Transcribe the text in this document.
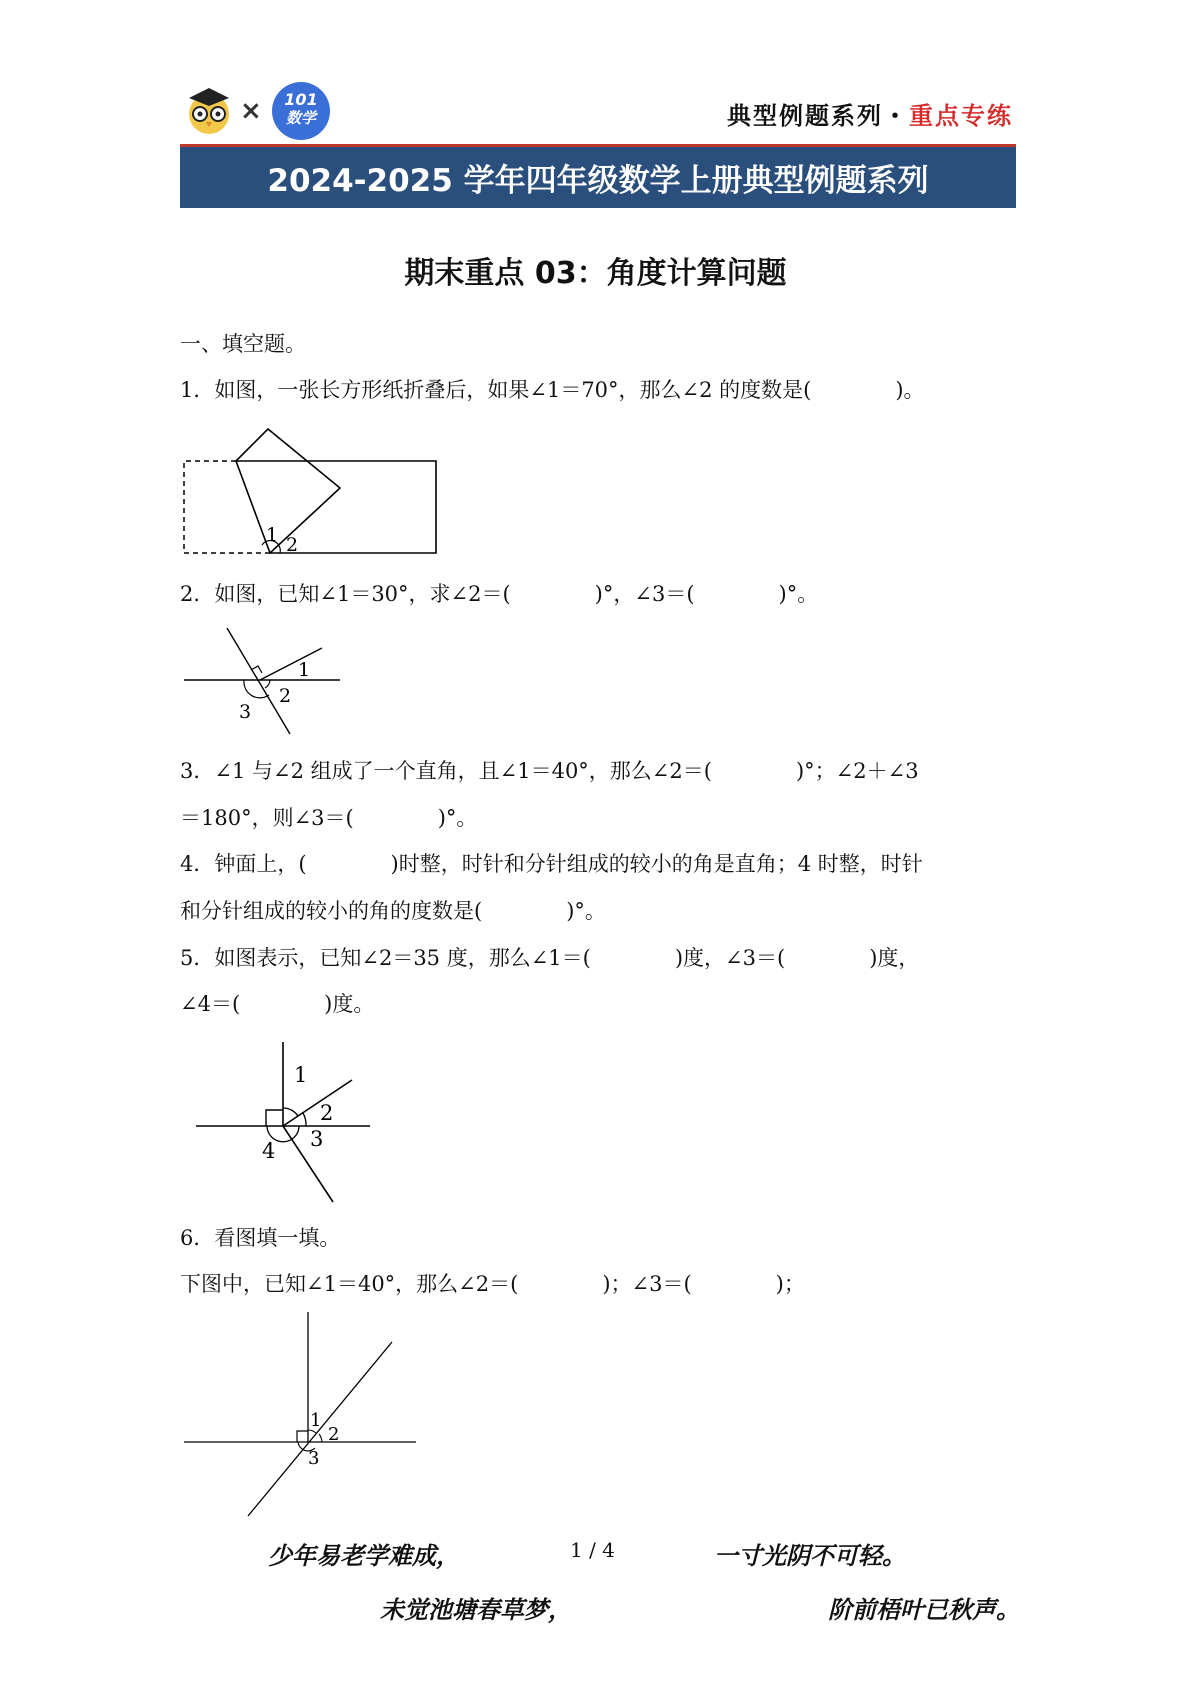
×	101
数学	典型例题系列・重点专练
2024-2025 学年四年级数学上册典型例题系列
期末重点 03：角度计算问题
一、填空题。
1．如图，一张长方形纸折叠后，如果∠1＝70°，那么∠2 的度数是(　　　　)。
1 2
2．如图，已知∠1＝30°，求∠2＝(　　　　)°，∠3＝(　　　　)°。
1
2
3
3．∠1 与∠2 组成了一个直角，且∠1＝40°，那么∠2＝(　　　　)°；∠2＋∠3
＝180°，则∠3＝(　　　　)°。
4．钟面上，(　　　　)时整，时针和分针组成的较小的角是直角；4 时整，时针
和分针组成的较小的角的度数是(　　　　)°。
5．如图表示，已知∠2＝35 度，那么∠1＝(　　　　)度，∠3＝(　　　　)度，
∠4＝(　　　　)度。
1
2
3
4
6．看图填一填。
下图中，已知∠1＝40°，那么∠2＝(　　　　)；∠3＝(　　　　)；
1
2
3
少年易老学难成，	1 / 4	一寸光阴不可轻。
未觉池塘春草梦，	阶前梧叶已秋声。
